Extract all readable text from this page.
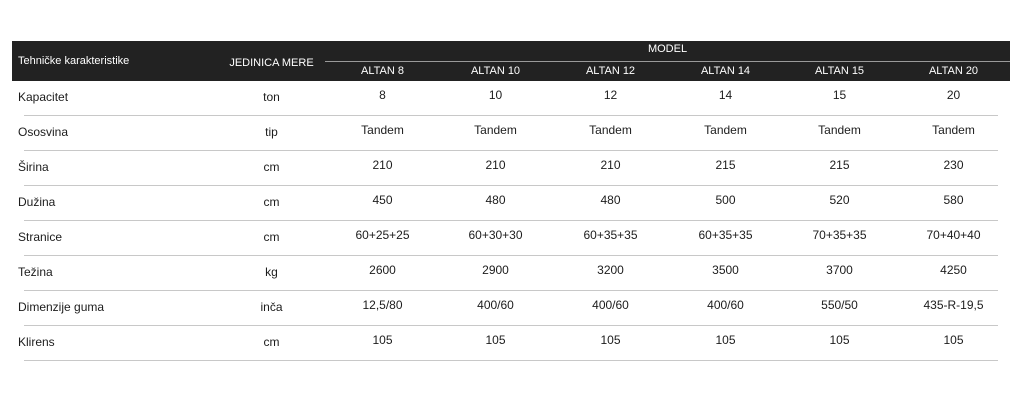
Tehničke karakteristike	JEDINICA MERE
MODEL
ALTAN 8	ALTAN 10	ALTAN 12	ALTAN 14	ALTAN 15	ALTAN 20
Kapacitet	ton	8	10	12	14	15	20
Ososvina	tip	Tandem	Tandem	Tandem	Tandem	Tandem	Tandem
Širina	cm	210	210	210	215	215	230
Dužina	cm	450	480	480	500	520	580
Stranice	cm	60+25+25	60+30+30	60+35+35	60+35+35	70+35+35	70+40+40
Težina	kg	2600	2900	3200	3500	3700	4250
Dimenzije guma	inča	12,5/80	400/60	400/60	400/60	550/50	435-R-19,5
Klirens	cm	105	105	105	105	105	105
